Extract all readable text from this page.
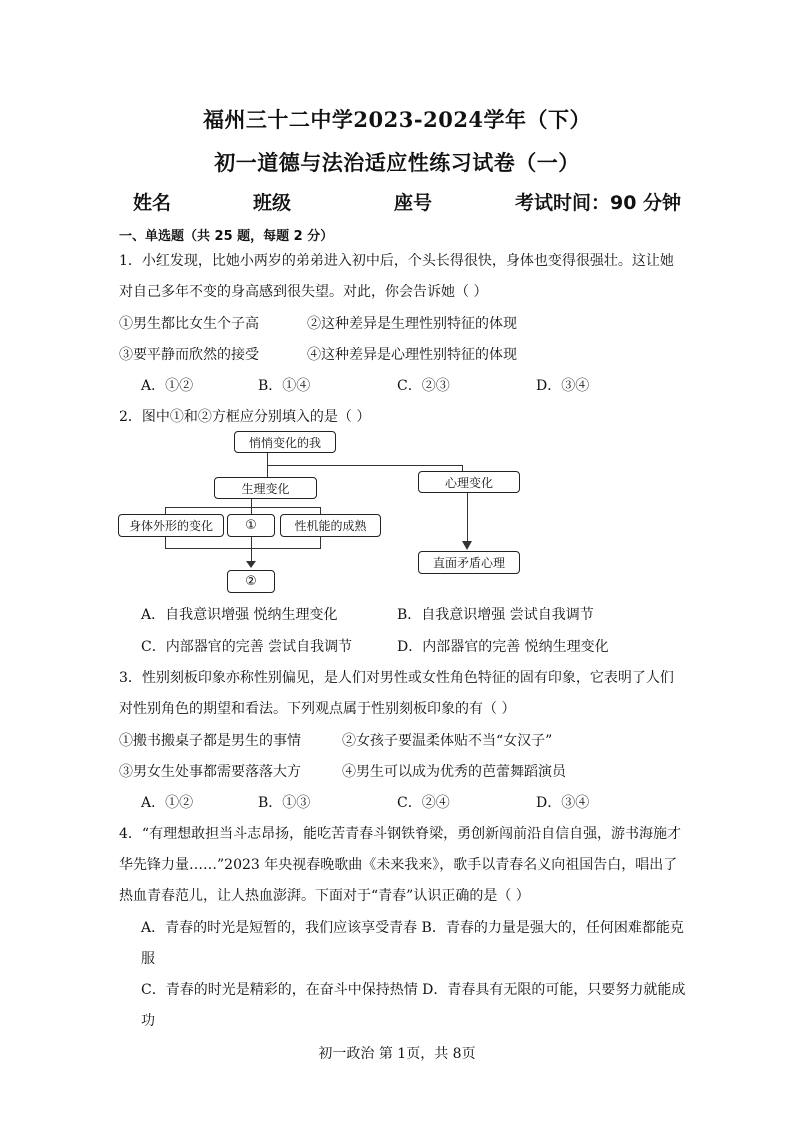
福州三十二中学2023-2024学年（下）
初一道德与法治适应性练习试卷（一）
姓名	班级	座号	考试时间：90 分钟
一、单选题（共 25 题，每题 2 分）
1．小红发现，比她小两岁的弟弟进入初中后，个头长得很快，身体也变得很强壮。这让她
对自己多年不变的身高感到很失望。对此，你会告诉她（ ）
①男生都比女生个子高	②这种差异是生理性别特征的体现
③要平静而欣然的接受	④这种差异是心理性别特征的体现
A．①②	B．①④	C．②③	D．③④
2．图中①和②方框应分别填入的是（ ）
悄悄变化的我
生理变化	心理变化
身体外形的变化	①	性机能的成熟
②
直面矛盾心理
A．自我意识增强 悦纳生理变化	B．自我意识增强 尝试自我调节
C．内部器官的完善 尝试自我调节	D．内部器官的完善 悦纳生理变化
3．性别刻板印象亦称性别偏见，是人们对男性或女性角色特征的固有印象，它表明了人们
对性别角色的期望和看法。下列观点属于性别刻板印象的有（ ）
①搬书搬桌子都是男生的事情	②女孩子要温柔体贴不当“女汉子”
③男女生处事都需要落落大方	④男生可以成为优秀的芭蕾舞蹈演员
A．①②	B．①③	C．②④	D．③④
4．“有理想敢担当斗志昂扬，能吃苦青春斗钢铁脊梁，勇创新闯前沿自信自强，游书海施才
华先锋力量……”2023 年央视春晚歌曲《未来我来》，歌手以青春名义向祖国告白，唱出了
热血青春范儿，让人热血澎湃。下面对于“青春”认识正确的是（ ）
A．青春的时光是短暂的，我们应该享受青春 B．青春的力量是强大的，任何困难都能克
服
C．青春的时光是精彩的，在奋斗中保持热情 D．青春具有无限的可能，只要努力就能成
功
初一政治 第 1页，共 8页
